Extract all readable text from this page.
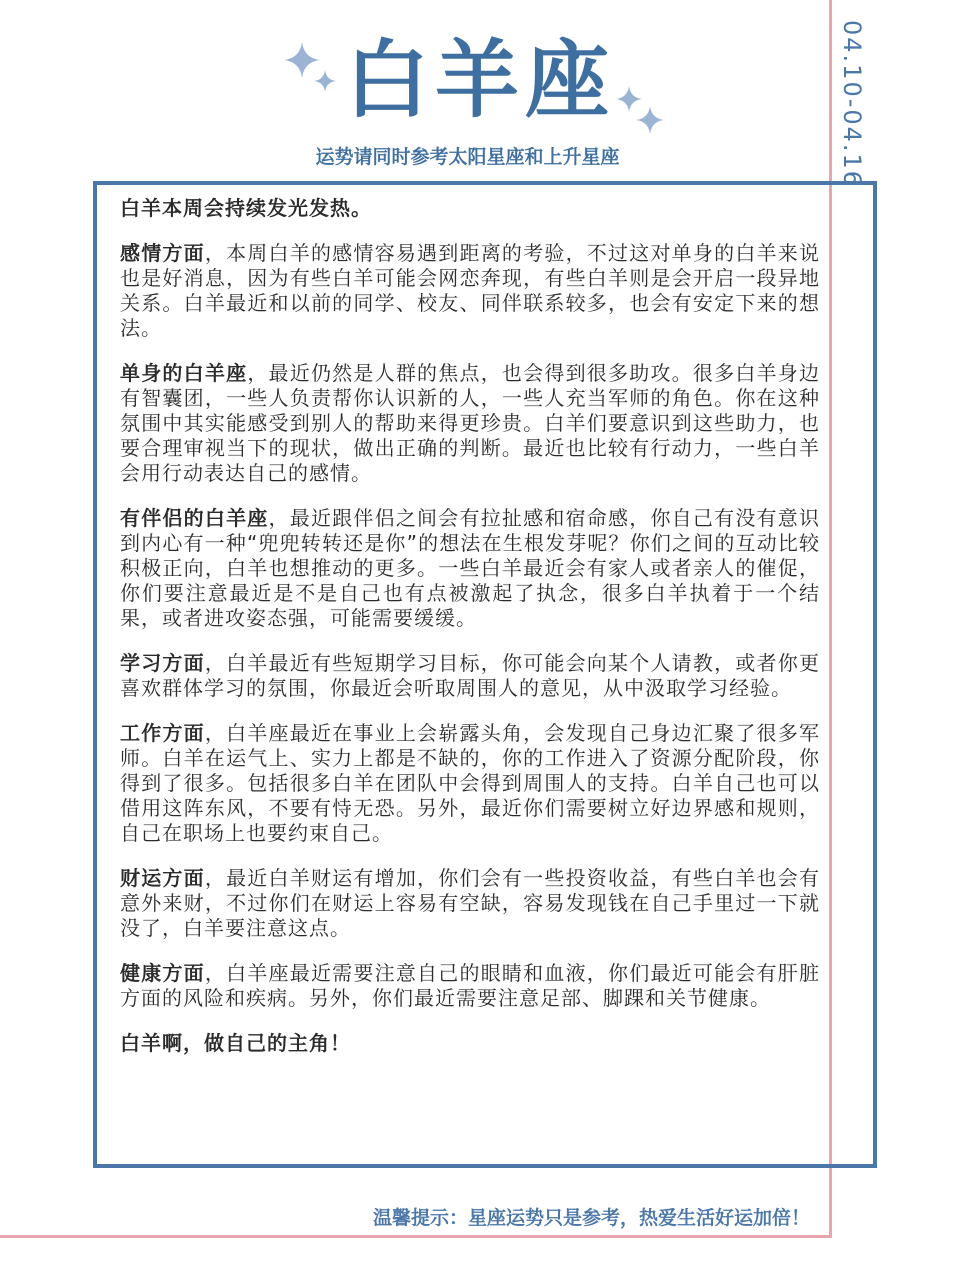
04.10-04.16
白羊座
运势请同时参考太阳星座和上升星座

白羊本周会持续发光发热。

感情方面，本周白羊的感情容易遇到距离的考验，不过这对单身的白羊来说也是好消息，因为有些白羊可能会网恋奔现，有些白羊则是会开启一段异地关系。白羊最近和以前的同学、校友、同伴联系较多，也会有安定下来的想法。

单身的白羊座，最近仍然是人群的焦点，也会得到很多助攻。很多白羊身边有智囊团，一些人负责帮你认识新的人，一些人充当军师的角色。你在这种氛围中其实能感受到别人的帮助来得更珍贵。白羊们要意识到这些助力，也要合理审视当下的现状，做出正确的判断。最近也比较有行动力，一些白羊会用行动表达自己的感情。

有伴侣的白羊座，最近跟伴侣之间会有拉扯感和宿命感，你自己有没有意识到内心有一种“兜兜转转还是你”的想法在生根发芽呢？你们之间的互动比较积极正向，白羊也想推动的更多。一些白羊最近会有家人或者亲人的催促，你们要注意最近是不是自己也有点被激起了执念，很多白羊执着于一个结果，或者进攻姿态强，可能需要缓缓。

学习方面，白羊最近有些短期学习目标，你可能会向某个人请教，或者你更喜欢群体学习的氛围，你最近会听取周围人的意见，从中汲取学习经验。

工作方面，白羊座最近在事业上会崭露头角，会发现自己身边汇聚了很多军师。白羊在运气上、实力上都是不缺的，你的工作进入了资源分配阶段，你得到了很多。包括很多白羊在团队中会得到周围人的支持。白羊自己也可以借用这阵东风，不要有恃无恐。另外，最近你们需要树立好边界感和规则，自己在职场上也要约束自己。

财运方面，最近白羊财运有增加，你们会有一些投资收益，有些白羊也会有意外来财，不过你们在财运上容易有空缺，容易发现钱在自己手里过一下就没了，白羊要注意这点。

健康方面，白羊座最近需要注意自己的眼睛和血液，你们最近可能会有肝脏方面的风险和疾病。另外，你们最近需要注意足部、脚踝和关节健康。

白羊啊，做自己的主角！

温馨提示：星座运势只是参考，热爱生活好运加倍！
